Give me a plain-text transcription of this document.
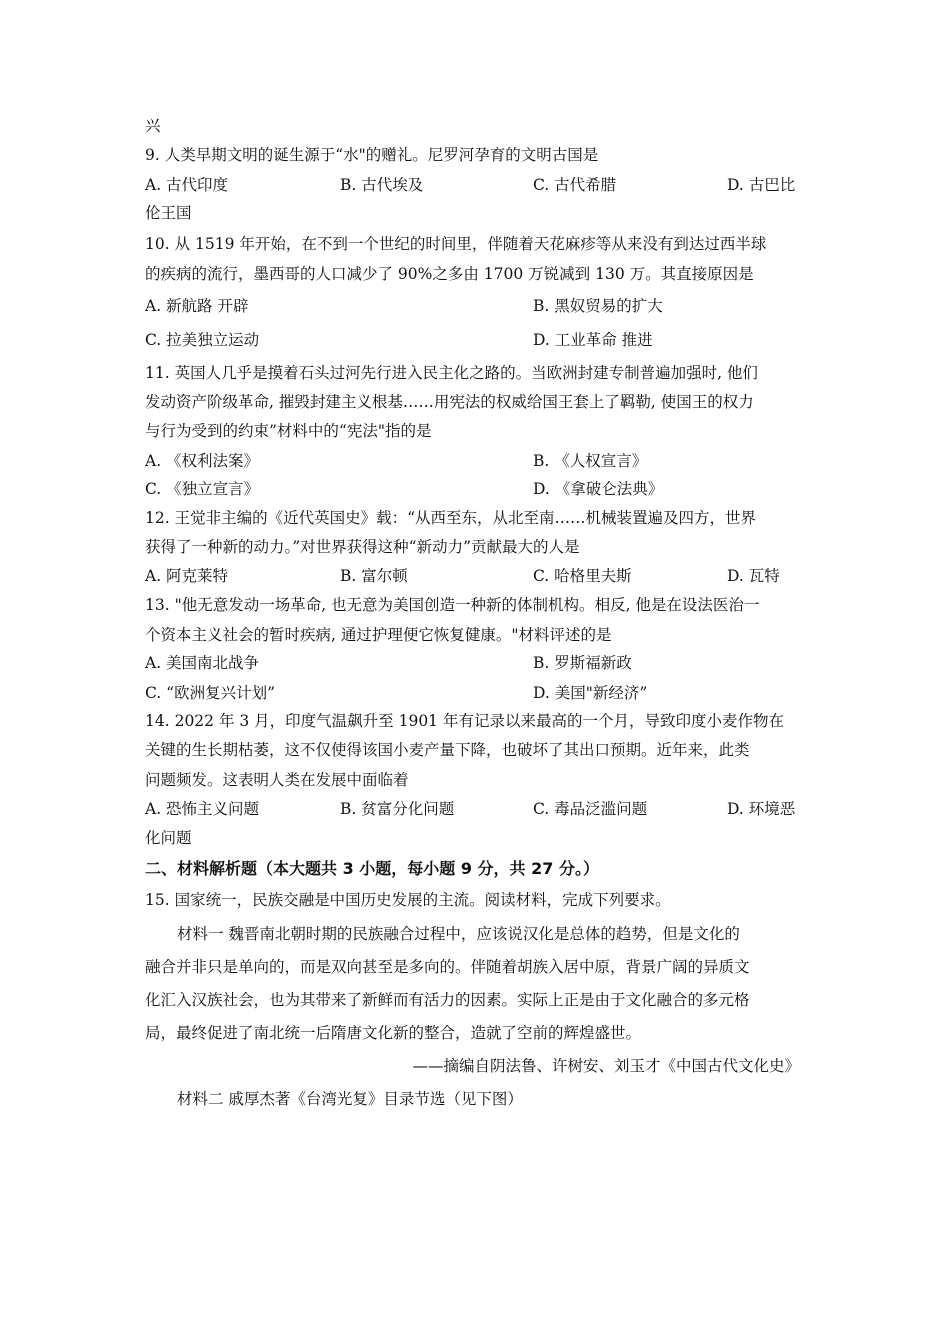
兴
9. 人类早期文明的诞生源于“水"的赠礼。尼罗河孕育的文明古国是
A. 古代印度	B. 古代埃及	C. 古代希腊	D. 古巴比
伦王国
10. 从 1519 年开始，在不到一个世纪的时间里，伴随着天花麻疹等从来没有到达过西半球
的疾病的流行，墨西哥的人口减少了 90%之多由 1700 万锐减到 130 万。其直接原因是
A. 新航路 开辟	B. 黑奴贸易的扩大
C. 拉美独立运动	D. 工业革命 推进
11. 英国人几乎是摸着石头过河先行进入民主化之路的。当欧洲封建专制普遍加强时, 他们
发动资产阶级革命, 摧毁封建主义根基……用宪法的权威给国王套上了羁勒, 使国王的权力
与行为受到的约束”材料中的“宪法"指的是
A. 《权利法案》	B. 《人权宣言》
C. 《独立宣言》	D. 《拿破仑法典》
12. 王觉非主编的《近代英国史》载：“从西至东，从北至南……机械装置遍及四方，世界
获得了一种新的动力。”对世界获得这种“新动力”贡献最大的人是
A. 阿克莱特	B. 富尔顿	C. 哈格里夫斯	D. 瓦特
13. "他无意发动一场革命, 也无意为美国创造一种新的体制机构。相反, 他是在设法医治一
个资本主义社会的暂时疾病, 通过护理便它恢复健康。"材料评述的是
A. 美国南北战争	B. 罗斯福新政
C. “欧洲复兴计划”	D. 美国"新经济”
14. 2022 年 3 月，印度气温飙升至 1901 年有记录以来最高的一个月，导致印度小麦作物在
关键的生长期枯萎，这不仅使得该国小麦产量下降，也破坏了其出口预期。近年来，此类
问题频发。这表明人类在发展中面临着
A. 恐怖主义问题	B. 贫富分化问题	C. 毒品泛滥问题	D. 环境恶
化问题
二、材料解析题（本大题共 3 小题，每小题 9 分，共 27 分。）
15. 国家统一，民族交融是中国历史发展的主流。阅读材料，完成下列要求。
材料一 魏晋南北朝时期的民族融合过程中，应该说汉化是总体的趋势，但是文化的
融合并非只是单向的，而是双向甚至是多向的。伴随着胡族入居中原，背景广阔的异质文
化汇入汉族社会，也为其带来了新鲜而有活力的因素。实际上正是由于文化融合的多元格
局，最终促进了南北统一后隋唐文化新的整合，造就了空前的辉煌盛世。
——摘编自阴法鲁、许树安、刘玉才《中国古代文化史》
材料二 戚厚杰著《台湾光复》目录节选（见下图）
